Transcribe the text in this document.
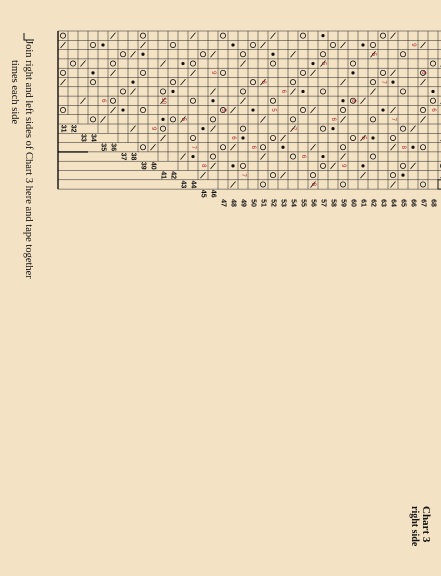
6
9
10
5
7
8
9
5
6
7
6
6
5
6
7
6
8
5
6
9
8
5
5
7
7
8
9
6
6
31 32
33 34
35 36
37 38
39 40
41 42
43 44
45 46
47 48 49 50 51 52 53 54 55 56 57 58 59 60 61 62 63 64 65 66 67 68
Join right and left sides of Chart 3 here and tape together
times each side
Chart 3
right side
